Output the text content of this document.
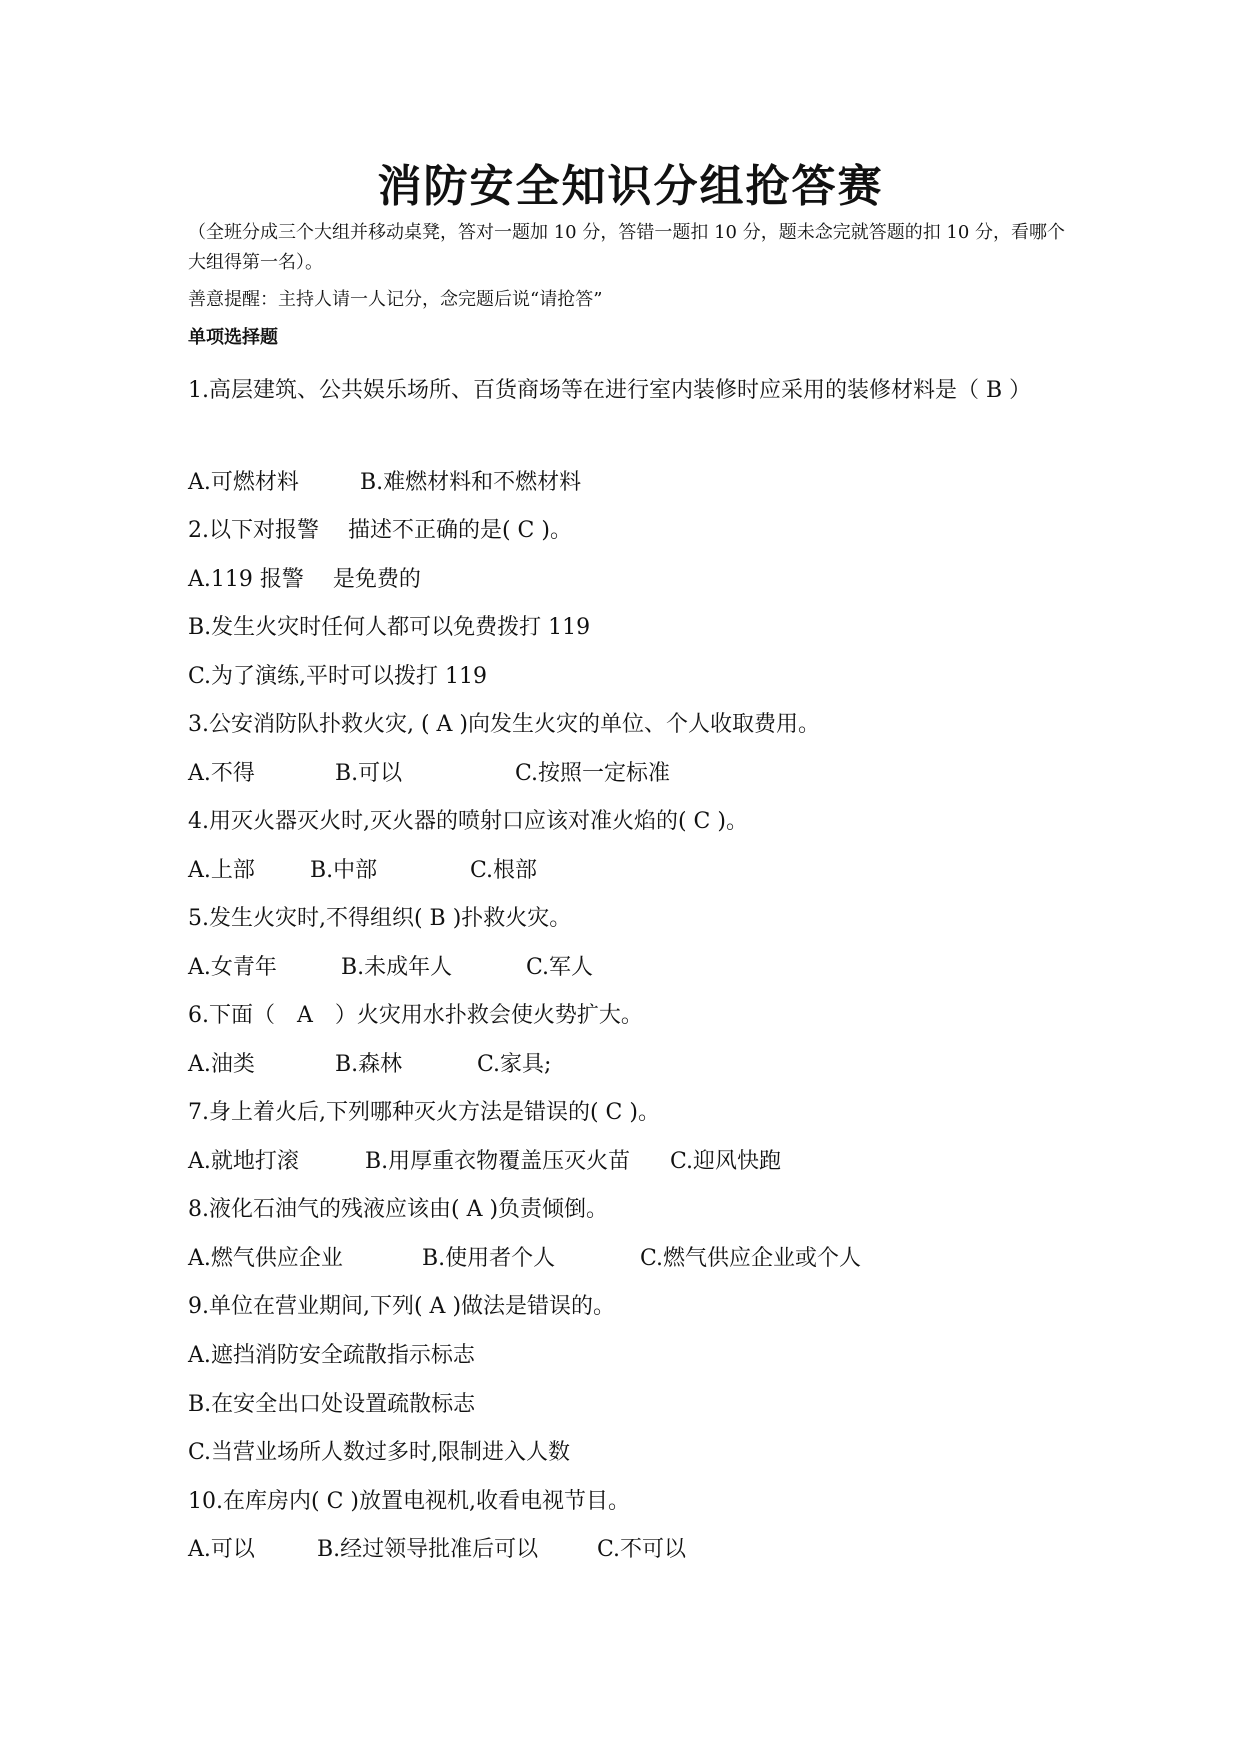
消防安全知识分组抢答赛
（全班分成三个大组并移动桌凳，答对一题加 10 分，答错一题扣 10 分，题未念完就答题的扣 10 分，看哪个大组得第一名）。
善意提醒：主持人请一人记分，念完题后说“请抢答”
单项选择题
1.高层建筑、公共娱乐场所、百货商场等在进行室内装修时应采用的装修材料是（ B ）
A.可燃材料	B.难燃材料和不燃材料
2.以下对报警　 描述不正确的是( C )。
A.119 报警　 是免费的
B.发生火灾时任何人都可以免费拨打 119
C.为了演练,平时可以拨打 119
3.公安消防队扑救火灾, ( A )向发生火灾的单位、个人收取费用。
A.不得	B.可以	C.按照一定标准
4.用灭火器灭火时,灭火器的喷射口应该对准火焰的( C )。
A.上部	B.中部	C.根部
5.发生火灾时,不得组织( B )扑救火灾。
A.女青年	B.未成年人	C.军人
6.下面（　A　）火灾用水扑救会使火势扩大。
A.油类	B.森林	C.家具;
7.身上着火后,下列哪种灭火方法是错误的( C )。
A.就地打滚	B.用厚重衣物覆盖压灭火苗 C.迎风快跑
8.液化石油气的残液应该由( A )负责倾倒。
A.燃气供应企业	B.使用者个人	C.燃气供应企业或个人
9.单位在营业期间,下列( A )做法是错误的。
A.遮挡消防安全疏散指示标志
B.在安全出口处设置疏散标志
C.当营业场所人数过多时,限制进入人数
10.在库房内( C )放置电视机,收看电视节目。
A.可以	B.经过领导批准后可以	C.不可以
